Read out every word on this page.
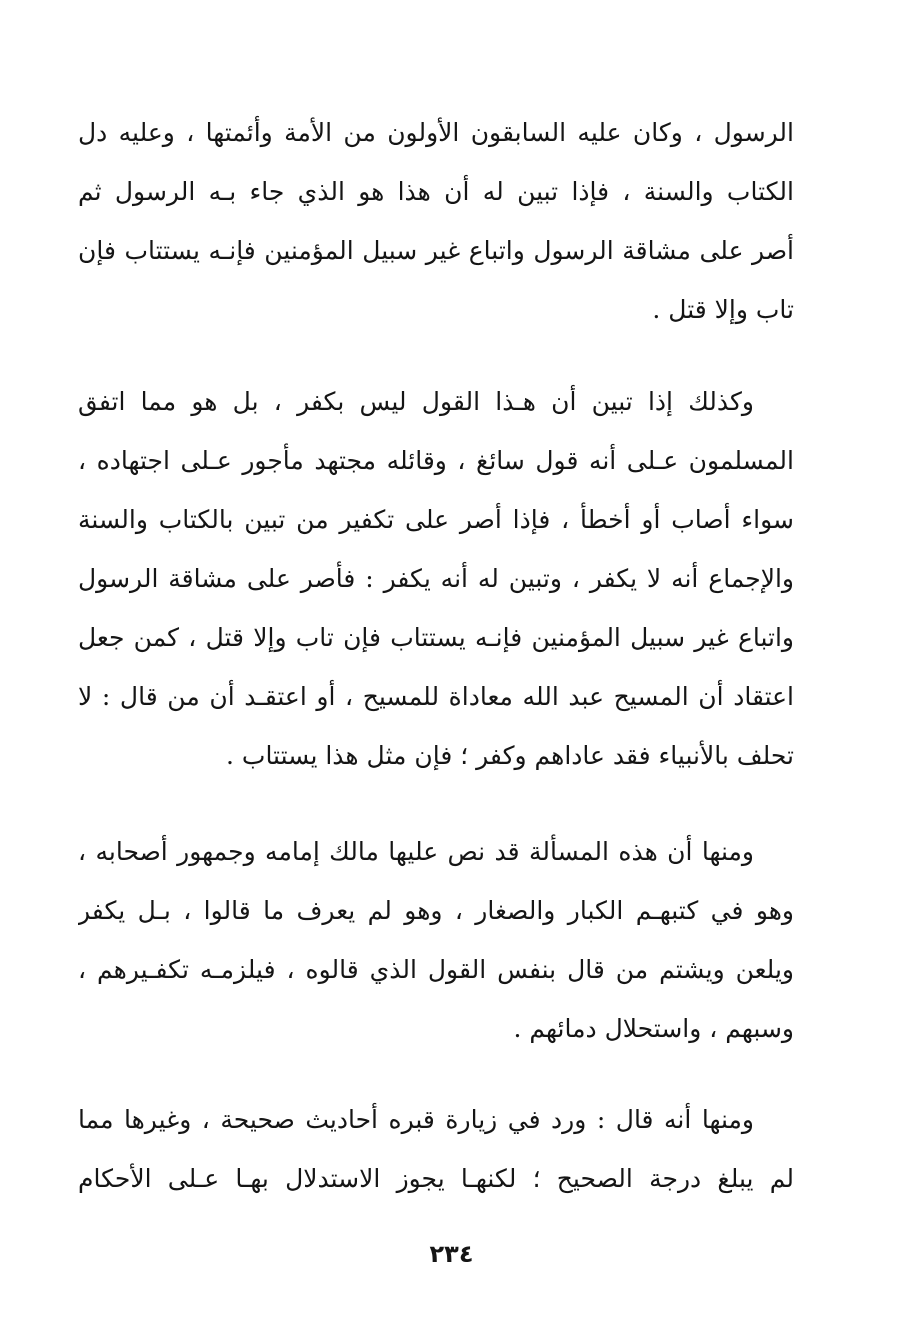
الرسول ، وكان عليه السابقون الأولون من الأمة وأئمتها ، وعليه دل
الكتاب والسنة ، فإذا تبين له أن هذا هو الذي جاء بـه الرسول ثم
أصر على مشاقة الرسول واتباع غير سبيل المؤمنين فإنـه يستتاب فإن
تاب وإلا قتل .
وكذلك إذا تبين أن هـذا القول ليس بكفر ، بل هو مما اتفق
المسلمون عـلى أنه قول سائغ ، وقائله مجتهد مأجور عـلى اجتهاده ،
سواء أصاب أو أخطأ ، فإذا أصر على تكفير من تبين بالكتاب والسنة
والإجماع أنه لا يكفر ، وتبين له أنه يكفر : فأصر على مشاقة الرسول
واتباع غير سبيل المؤمنين فإنـه يستتاب فإن تاب وإلا قتل ، كمن جعل
اعتقاد أن المسيح عبد الله معاداة للمسيح ، أو اعتقـد أن من قال : لا
تحلف بالأنبياء فقد عاداهم وكفر ؛ فإن مثل هذا يستتاب .
ومنها أن هذه المسألة قد نص عليها مالك إمامه وجمهور أصحابه ،
وهو في كتبهـم الكبار والصغار ، وهو لم يعرف ما قالوا ، بـل يكفر
ويلعن ويشتم من قال بنفس القول الذي قالوه ، فيلزمـه تكفـيرهم ،
وسبهم ، واستحلال دمائهم .
ومنها أنه قال : ورد في زيارة قبره أحاديث صحيحة ، وغيرها مما
لم يبلغ درجة الصحيح ؛ لكنهـا يجوز الاستدلال بهـا عـلى الأحكام
٢٣٤
